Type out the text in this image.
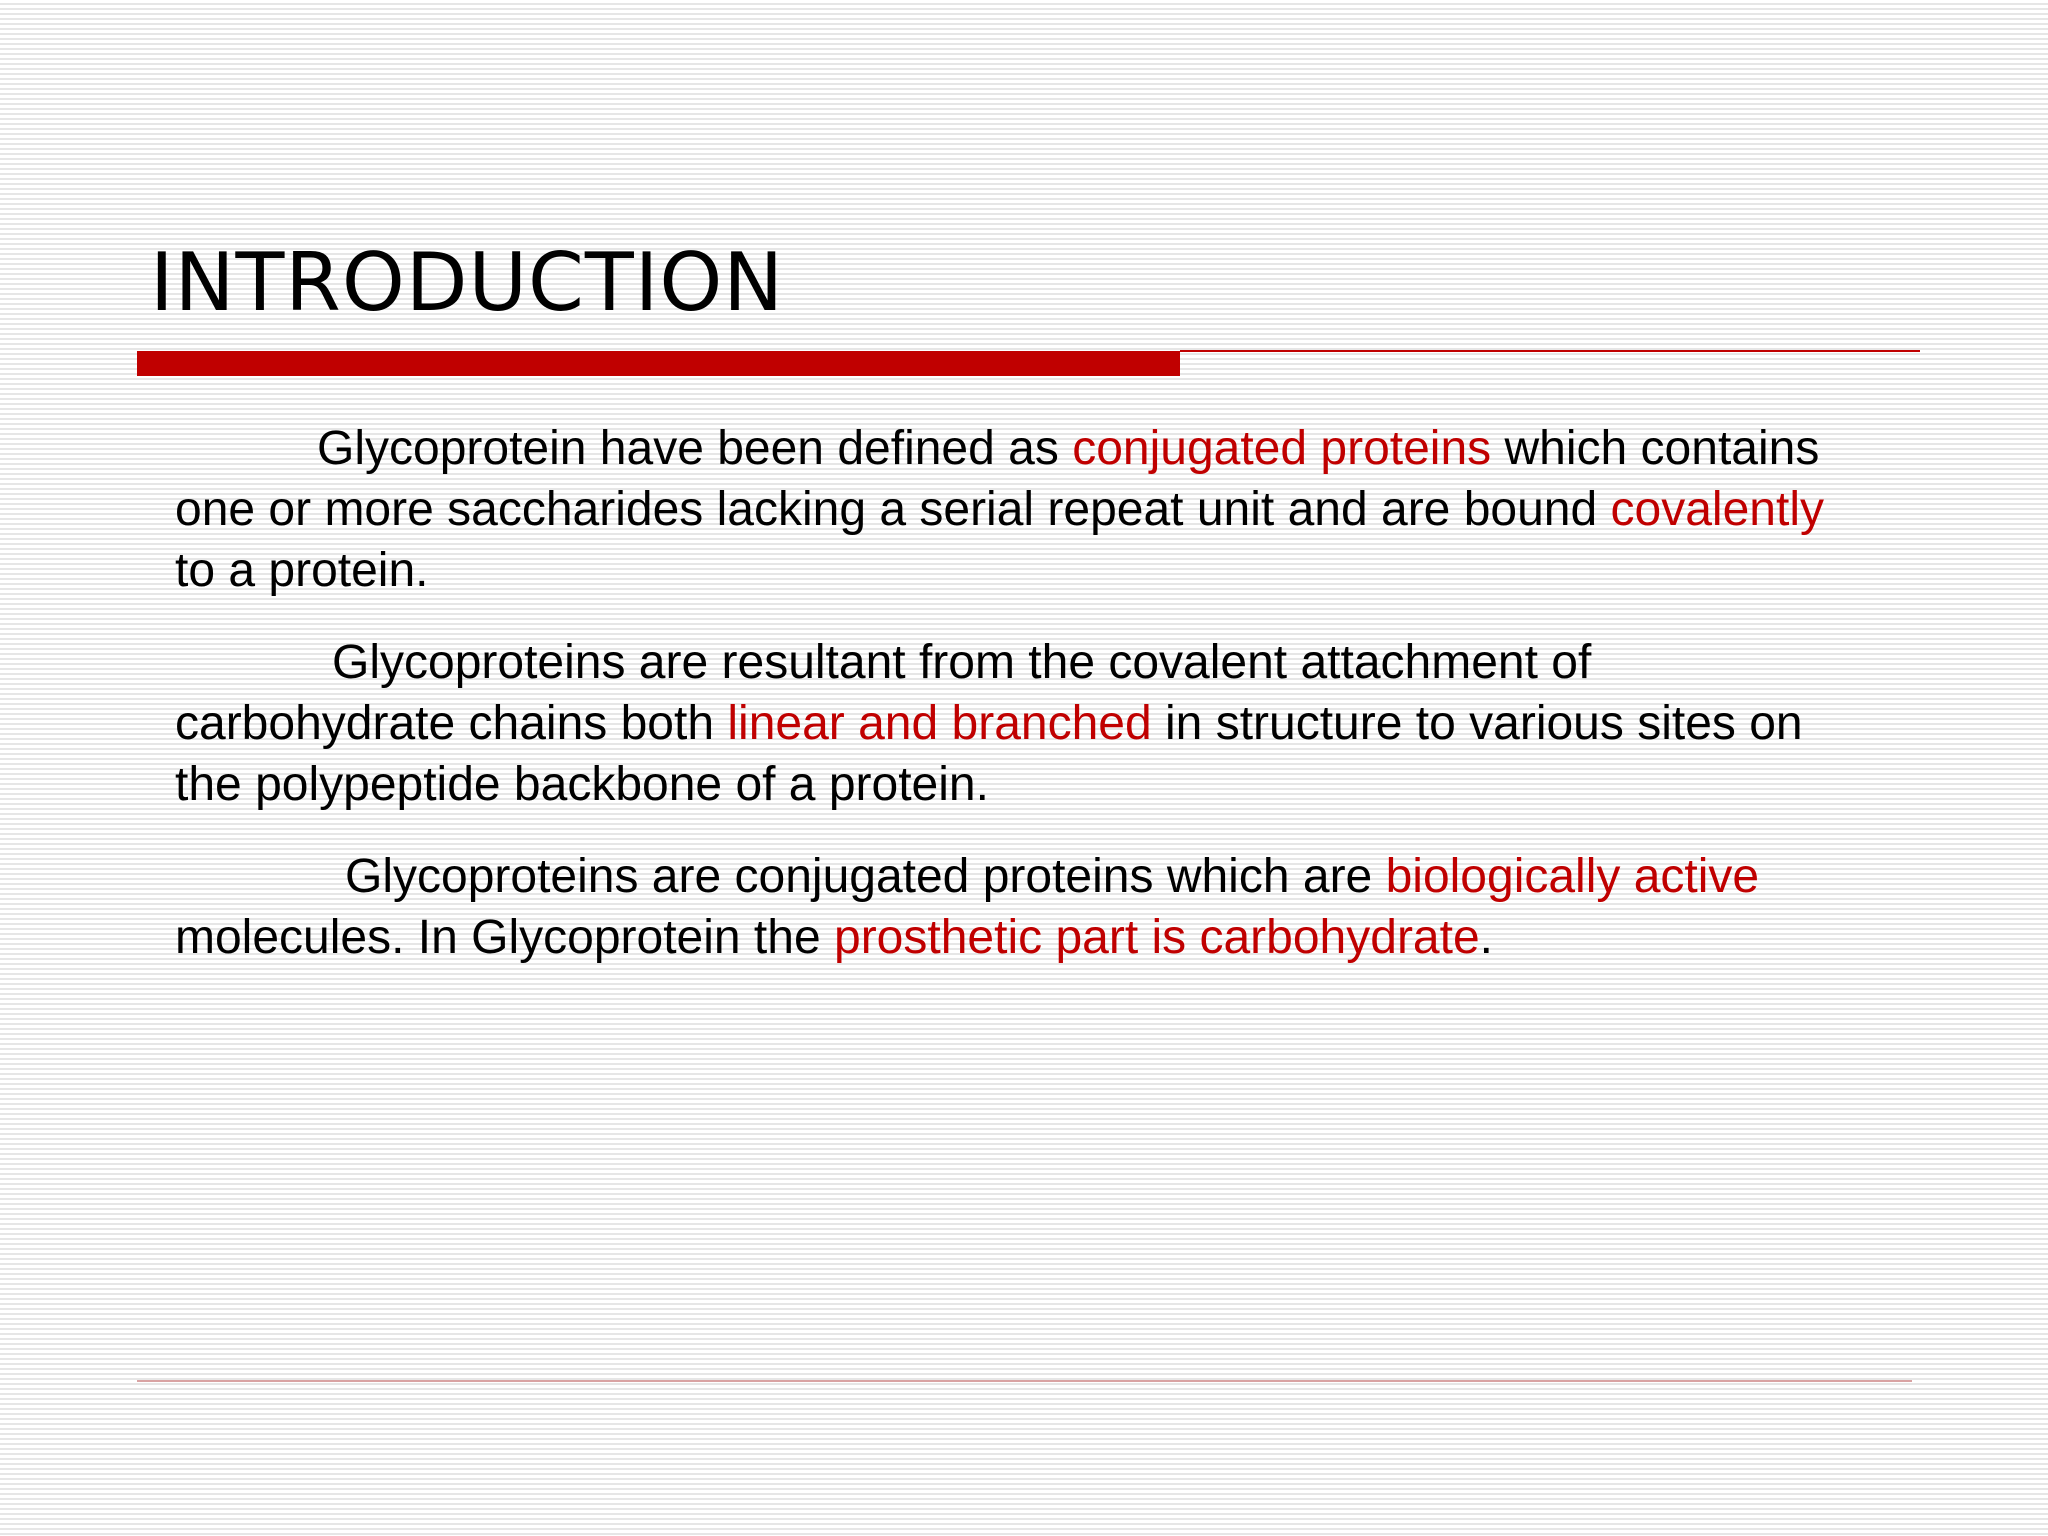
INTRODUCTION

Glycoprotein have been defined as conjugated proteins which contains
one or more saccharides lacking a serial repeat unit and are bound covalently
to a protein.

Glycoproteins are resultant from the covalent attachment of
carbohydrate chains both linear and branched in structure to various sites on
the polypeptide backbone of a protein.

Glycoproteins are conjugated proteins which are biologically active
molecules. In Glycoprotein the prosthetic part is carbohydrate.
